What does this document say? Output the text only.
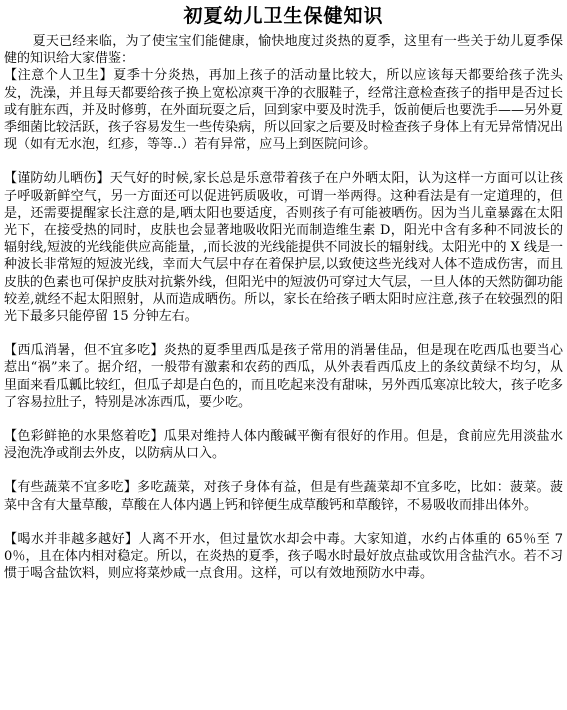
初夏幼儿卫生保健知识

夏天已经来临，为了使宝宝们能健康，愉快地度过炎热的夏季，这里有一些关于幼儿夏季保健的知识给大家借鉴：

【注意个人卫生】夏季十分炎热，再加上孩子的活动量比较大，所以应该每天都要给孩子洗头发，洗澡，并且每天都要给孩子换上宽松凉爽干净的衣服鞋子，经常注意检查孩子的指甲是否过长或有脏东西，并及时修剪，在外面玩耍之后，回到家中要及时洗手，饭前便后也要洗手——另外夏季细菌比较活跃，孩子容易发生一些传染病，所以回家之后要及时检查孩子身体上有无异常情况出现（如有无水泡，红疹，等等..）若有异常，应马上到医院问诊。

【谨防幼儿晒伤】天气好的时候,家长总是乐意带着孩子在户外晒太阳，认为这样一方面可以让孩子呼吸新鲜空气，另一方面还可以促进钙质吸收，可谓一举两得。这种看法是有一定道理的，但是，还需要提醒家长注意的是,晒太阳也要适度，否则孩子有可能被晒伤。因为当儿童暴露在太阳光下，在接受热的同时，皮肤也会显著地吸收阳光而制造维生素 D，阳光中含有多种不同波长的辐射线,短波的光线能供应高能量，,而长波的光线能提供不同波长的辐射线。太阳光中的 X 线是一种波长非常短的短波光线，幸而大气层中存在着保护层,以致使这些光线对人体不造成伤害，而且皮肤的色素也可保护皮肤对抗紫外线，但阳光中的短波仍可穿过大气层，一旦人体的天然防御功能较差,就经不起太阳照射，从而造成晒伤。所以，家长在给孩子晒太阳时应注意,孩子在较强烈的阳光下最多只能停留 15 分钟左右。

【西瓜消暑，但不宜多吃】炎热的夏季里西瓜是孩子常用的消暑佳品，但是现在吃西瓜也要当心惹出“祸”来了。据介绍，一般带有激素和农药的西瓜，从外表看西瓜皮上的条纹黄绿不均匀，从里面来看瓜瓤比较红，但瓜子却是白色的，而且吃起来没有甜味，另外西瓜寒凉比较大，孩子吃多了容易拉肚子，特别是冰冻西瓜，要少吃。

【色彩鲜艳的水果悠着吃】瓜果对维持人体内酸碱平衡有很好的作用。但是，食前应先用淡盐水浸泡洗净或削去外皮，以防病从口入。

【有些蔬菜不宜多吃】多吃蔬菜，对孩子身体有益，但是有些蔬菜却不宜多吃，比如：菠菜。菠菜中含有大量草酸，草酸在人体内遇上钙和锌便生成草酸钙和草酸锌，不易吸收而排出体外。

【喝水并非越多越好】人离不开水，但过量饮水却会中毒。大家知道，水约占体重的 65％至 70％，且在体内相对稳定。所以，在炎热的夏季，孩子喝水时最好放点盐或饮用含盐汽水。若不习惯于喝含盐饮料，则应将菜炒咸一点食用。这样，可以有效地预防水中毒。
